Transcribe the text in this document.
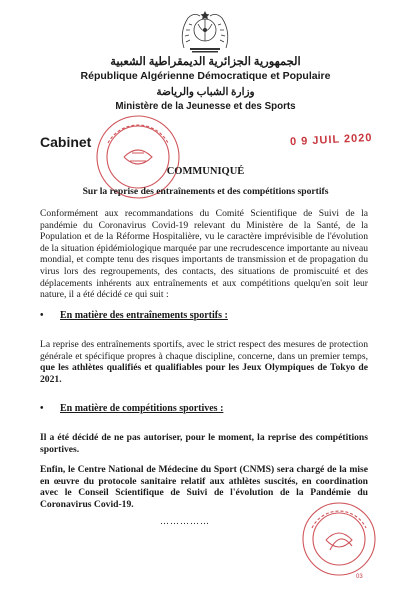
الجمهورية الجزائرية الديمقراطية الشعبية
République Algérienne Démocratique et Populaire
وزارة الشباب والرياضة
Ministère de la Jeunesse et des Sports
Cabinet	0 9 JUIL 2020
COMMUNIQUÉ
Sur la reprise des entraînements et des compétitions sportifs
Conformément aux recommandations du Comité Scientifique de Suivi de la pandémie du Coronavirus Covid-19 relevant du Ministère de la Santé, de la Population et de la Réforme Hospitalière, vu le caractère imprévisible de l'évolution de la situation épidémiologique marquée par une recrudescence importante au niveau mondial, et compte tenu des risques importants de transmission et de propagation du virus lors des regroupements, des contacts, des situations de promiscuité et des déplacements inhérents aux entraînements et aux compétitions quelqu'en soit leur nature, il a été décidé ce qui suit :
• En matière des entraînements sportifs :
La reprise des entraînements sportifs, avec le strict respect des mesures de protection générale et spécifique propres à chaque discipline, concerne, dans un premier temps, que les athlètes qualifiés et qualifiables pour les Jeux Olympiques de Tokyo de 2021.
• En matière de compétitions sportives :
Il a été décidé de ne pas autoriser, pour le moment, la reprise des compétitions sportives.
Enfin, le Centre National de Médecine du Sport (CNMS) sera chargé de la mise en œuvre du protocole sanitaire relatif aux athlètes suscités, en coordination avec le Conseil Scientifique de Suivi de l'évolution de la Pandémie du Coronavirus Covid-19.
……………
03
